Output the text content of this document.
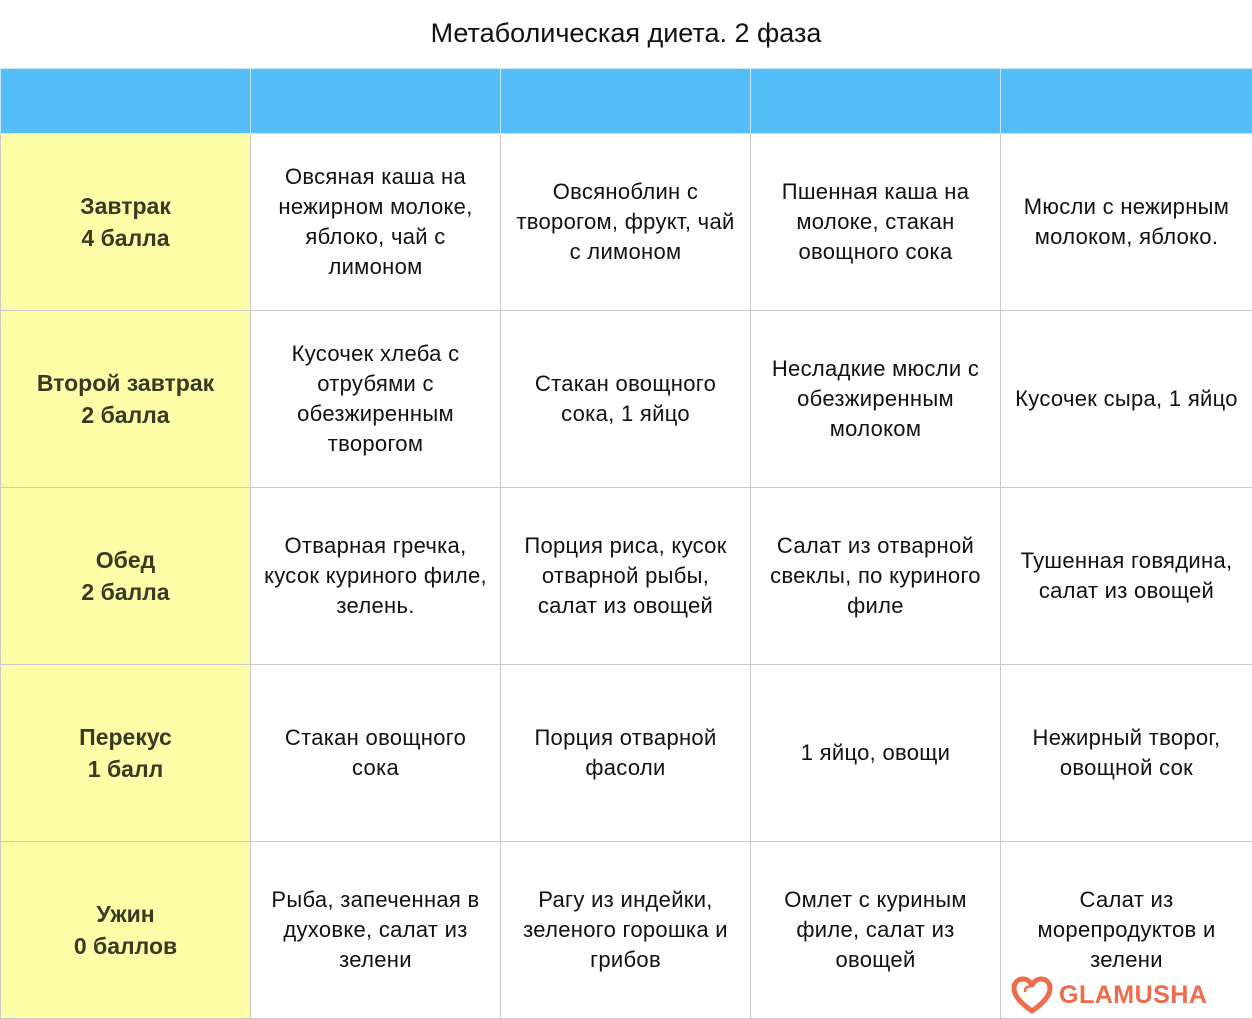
Метаболическая диета. 2 фаза

Завтрак
4 балла	Овсяная каша на нежирном молоке, яблоко, чай с лимоном	Овсяноблин с творогом, фрукт, чай с лимоном	Пшенная каша на молоке, стакан овощного сока	Мюсли с нежирным молоком, яблоко.

Второй завтрак
2 балла	Кусочек хлеба с отрубями с обезжиренным творогом	Стакан овощного сока, 1 яйцо	Несладкие мюсли с обезжиренным молоком	Кусочек сыра, 1 яйцо

Обед
2 балла	Отварная гречка, кусок куриного филе, зелень.	Порция риса, кусок отварной рыбы, салат из овощей	Салат из отварной свеклы, по куриного филе	Тушенная говядина, салат из овощей

Перекус
1 балл	Стакан овощного сока	Порция отварной фасоли	1 яйцо, овощи	Нежирный творог, овощной сок

Ужин
0 баллов	Рыба, запеченная в духовке, салат из зелени	Рагу из индейки, зеленого горошка и грибов	Омлет с куриным филе, салат из овощей	Салат из морепродуктов и зелени
GLAMUSHA
